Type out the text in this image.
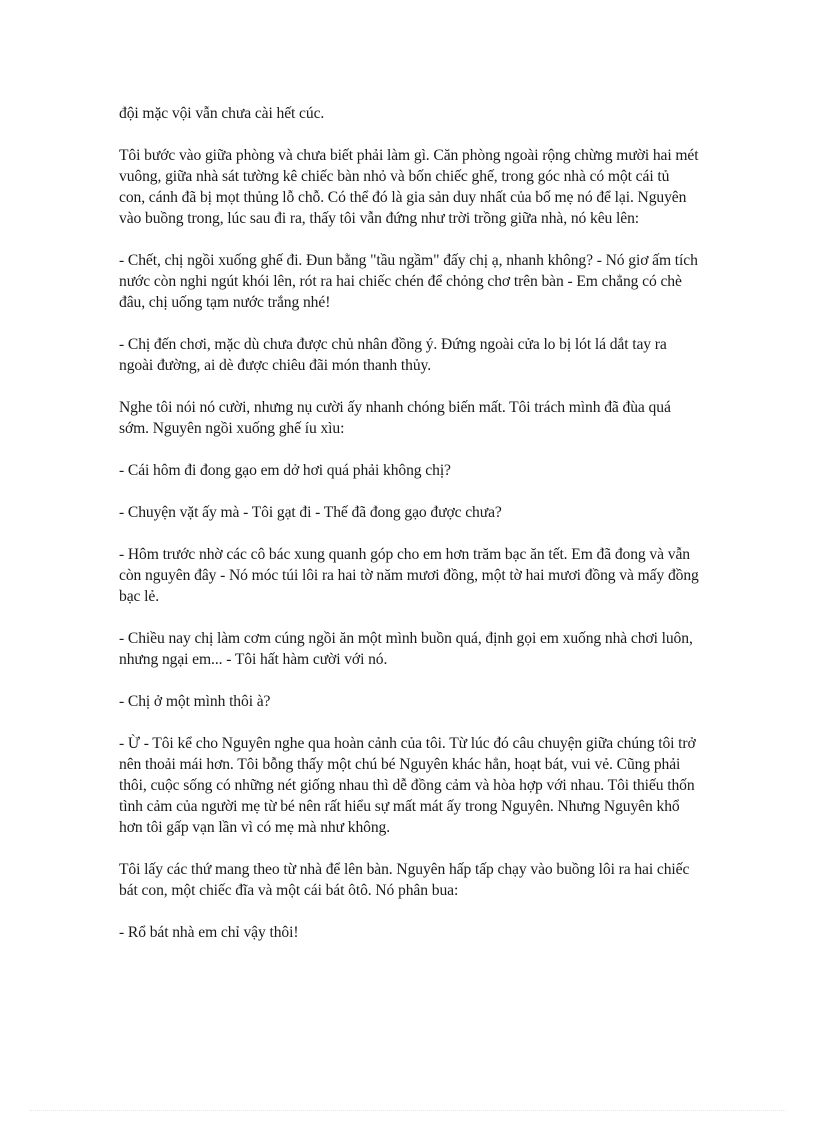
đội mặc vội vẫn chưa cài hết cúc.

Tôi bước vào giữa phòng và chưa biết phải làm gì. Căn phòng ngoài rộng chừng mười hai mét vuông, giữa nhà sát tường kê chiếc bàn nhỏ và bốn chiếc ghế, trong góc nhà có một cái tủ con, cánh đã bị mọt thủng lỗ chỗ. Có thể đó là gia sản duy nhất của bố mẹ nó để lại. Nguyên vào buồng trong, lúc sau đi ra, thấy tôi vẫn đứng như trời trồng giữa nhà, nó kêu lên:

- Chết, chị ngồi xuống ghế đi. Đun bằng "tầu ngầm" đấy chị ạ, nhanh không? - Nó giơ ấm tích nước còn nghi ngút khói lên, rót ra hai chiếc chén để chỏng chơ trên bàn - Em chẳng có chè đâu, chị uống tạm nước trắng nhé!

- Chị đến chơi, mặc dù chưa được chủ nhân đồng ý. Đứng ngoài cửa lo bị lót lá dắt tay ra ngoài đường, ai dè được chiêu đãi món thanh thủy.

Nghe tôi nói nó cười, nhưng nụ cười ấy nhanh chóng biến mất. Tôi trách mình đã đùa quá sớm. Nguyên ngồi xuống ghế íu xìu:

- Cái hôm đi đong gạo em dở hơi quá phải không chị?

- Chuyện vặt ấy mà - Tôi gạt đi - Thế đã đong gạo được chưa?

- Hôm trước nhờ các cô bác xung quanh góp cho em hơn trăm bạc ăn tết. Em đã đong và vẫn còn nguyên đây - Nó móc túi lôi ra hai tờ năm mươi đồng, một tờ hai mươi đồng và mấy đồng bạc lẻ.

- Chiều nay chị làm cơm cúng ngồi ăn một mình buồn quá, định gọi em xuống nhà chơi luôn, nhưng ngại em... - Tôi hất hàm cười với nó.

- Chị ở một mình thôi à?

- Ừ - Tôi kể cho Nguyên nghe qua hoàn cảnh của tôi. Từ lúc đó câu chuyện giữa chúng tôi trở nên thoải mái hơn. Tôi bỗng thấy một chú bé Nguyên khác hẳn, hoạt bát, vui vẻ. Cũng phải thôi, cuộc sống có những nét giống nhau thì dễ đồng cảm và hòa hợp với nhau. Tôi thiếu thốn tình cảm của người mẹ từ bé nên rất hiểu sự mất mát ấy trong Nguyên. Nhưng Nguyên khổ hơn tôi gấp vạn lần vì có mẹ mà như không.

Tôi lấy các thứ mang theo từ nhà để lên bàn. Nguyên hấp tấp chạy vào buồng lôi ra hai chiếc bát con, một chiếc đĩa và một cái bát ôtô. Nó phân bua:

- Rổ bát nhà em chỉ vậy thôi!
